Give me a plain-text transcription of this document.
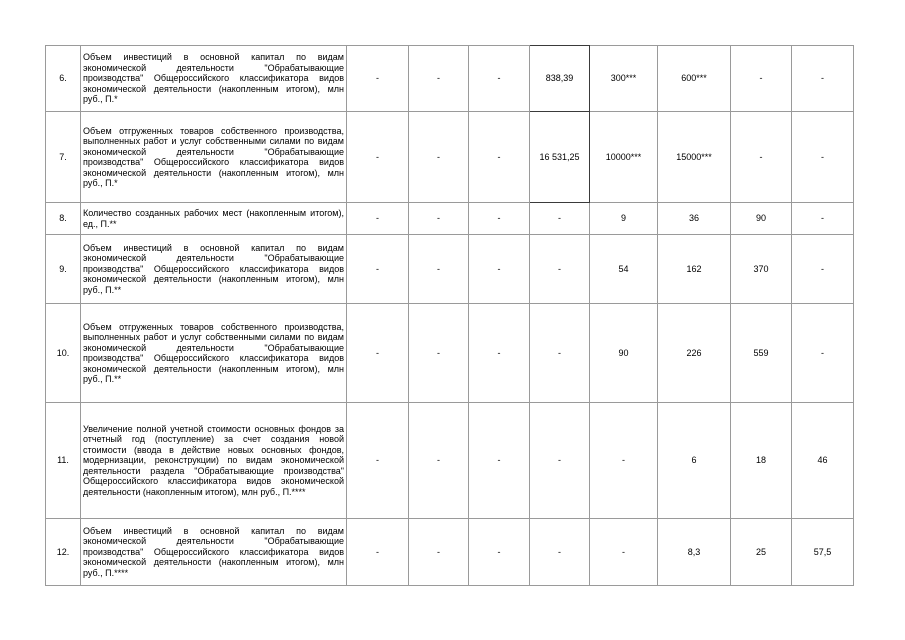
6.	Объем инвестиций в основной капитал по видам экономической деятельности "Обрабатывающие производства" Общероссийского классификатора видов экономической деятельности (накопленным итогом), млн руб., П.*	-	-	-	838,39	300***	600***	-	-
7.	Объем отгруженных товаров собственного производства, выполненных работ и услуг собственными силами по видам экономической деятельности "Обрабатывающие производства" Общероссийского классификатора видов экономической деятельности (накопленным итогом), млн руб., П.*	-	-	-	16 531,25	10000***	15000***	-	-
8.	Количество созданных рабочих мест (накопленным итогом), ед., П.**	-	-	-	-	9	36	90	-
9.	Объем инвестиций в основной капитал по видам экономической деятельности "Обрабатывающие производства" Общероссийского классификатора видов экономической деятельности (накопленным итогом), млн руб., П.**	-	-	-	-	54	162	370	-
10.	Объем отгруженных товаров собственного производства, выполненных работ и услуг собственными силами по видам экономической деятельности "Обрабатывающие производства" Общероссийского классификатора видов экономической деятельности (накопленным итогом), млн руб., П.**	-	-	-	-	90	226	559	-
11.	Увеличение полной учетной стоимости основных фондов за отчетный год (поступление) за счет создания новой стоимости (ввода в действие новых основных фондов, модернизации, реконструкции) по видам экономической деятельности раздела "Обрабатывающие производства" Общероссийского классификатора видов экономической деятельности (накопленным итогом), млн руб., П.****	-	-	-	-	-	6	18	46
12.	Объем инвестиций в основной капитал по видам экономической деятельности "Обрабатывающие производства" Общероссийского классификатора видов экономической деятельности (накопленным итогом), млн руб., П.****	-	-	-	-	-	8,3	25	57,5
